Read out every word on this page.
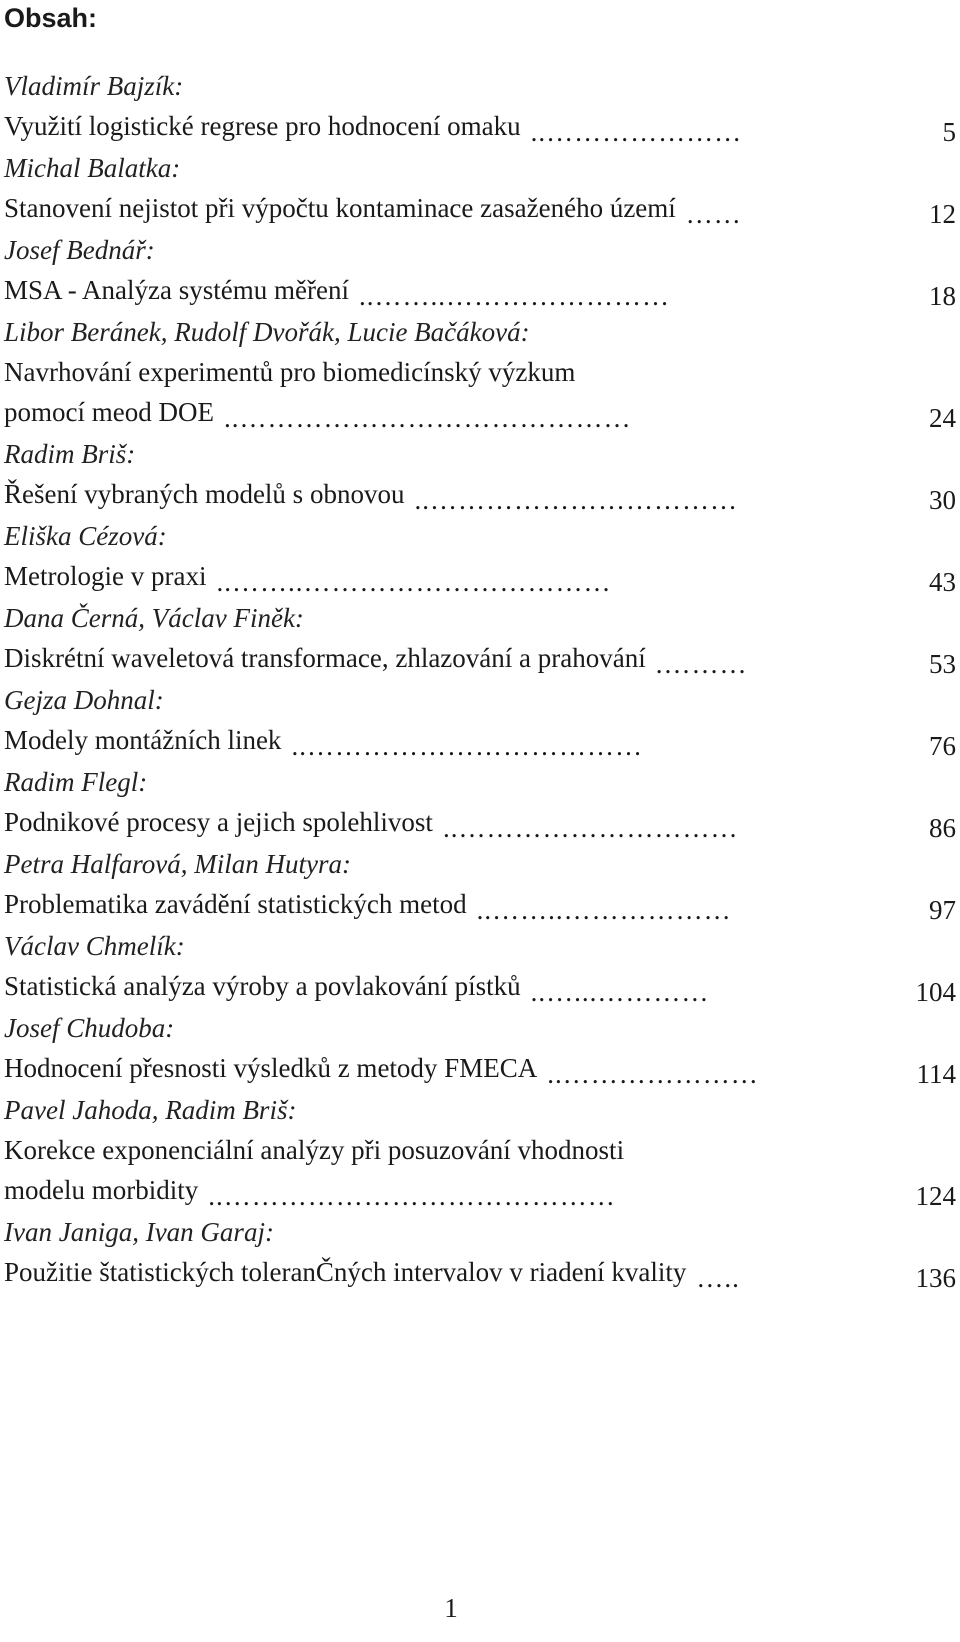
Obsah:
Vladimír Bajzík:
Využití logistické regrese pro hodnocení omaku …………………..	5
Michal Balatka:
Stanovení nejistot při výpočtu kontaminace zasaženého území ……	12
Josef Bednář:
MSA - Analýza systému měření ……………………..……..	18
Libor Beránek, Rudolf Dvořák, Lucie Bačáková:
Navrhování experimentů pro biomedicínský výzkum
pomocí meod DOE ……………………………………..	24
Radim Briš:
Řešení vybraných modelů s obnovou ……………………………..	30
Eliška Cézová:
Metrologie v praxi ……………………………..……..	43
Dana Černá, Václav Finěk:
Diskrétní waveletová transformace, zhlazování a prahování ……….	53
Gejza Dohnal:
Modely montážních linek ………………………………..	76
Radim Flegl:
Podnikové procesy a jejich spolehlivost …………………………..	86
Petra Halfarová, Milan Hutyra:
Problematika zavádění statistických metod ………………..……..	97
Václav Chmelík:
Statistická analýza výroby a povlakování pístků …………...…..	104
Josef Chudoba:
Hodnocení přesnosti výsledků z metody FMECA …………………..	114
Pavel Jahoda, Radim Briš:
Korekce exponenciální analýzy při posuzování vhodnosti
modelu morbidity ……………………………………..	124
Ivan Janiga, Ivan Garaj:
Použitie štatistických toleranČných intervalov v riadení kvality ..…	136
1
